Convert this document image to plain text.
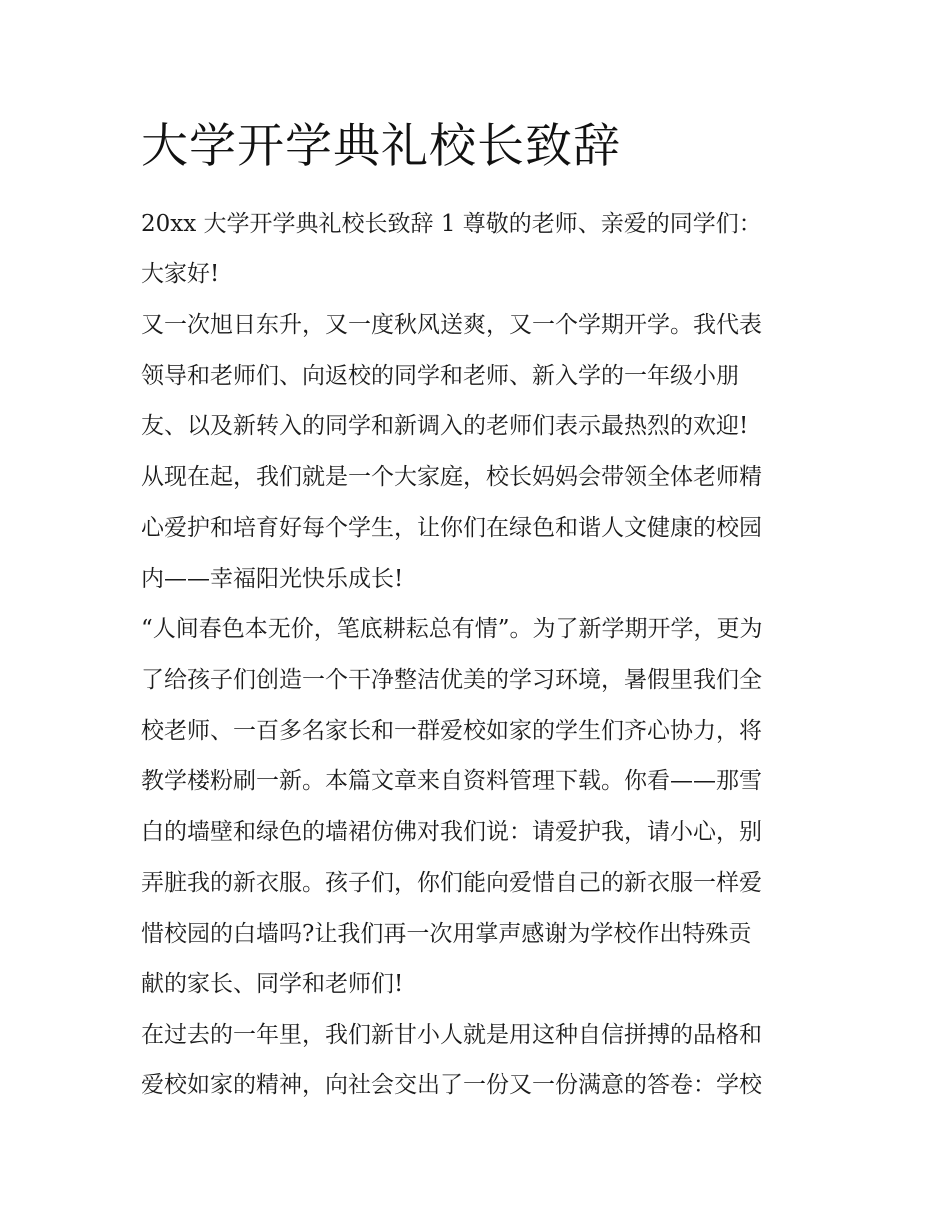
大学开学典礼校长致辞

20xx 大学开学典礼校长致辞 1 尊敬的老师、亲爱的同学们：

大家好!

又一次旭日东升，又一度秋风送爽，又一个学期开学。我代表

领导和老师们、向返校的同学和老师、新入学的一年级小朋

友、以及新转入的同学和新调入的老师们表示最热烈的欢迎!

从现在起，我们就是一个大家庭，校长妈妈会带领全体老师精

心爱护和培育好每个学生，让你们在绿色和谐人文健康的校园

内——幸福阳光快乐成长!

“人间春色本无价，笔底耕耘总有情”。为了新学期开学，更为

了给孩子们创造一个干净整洁优美的学习环境，暑假里我们全

校老师、一百多名家长和一群爱校如家的学生们齐心协力，将

教学楼粉刷一新。本篇文章来自资料管理下载。你看——那雪

白的墙壁和绿色的墙裙仿佛对我们说：请爱护我，请小心，别

弄脏我的新衣服。孩子们，你们能向爱惜自己的新衣服一样爱

惜校园的白墙吗?让我们再一次用掌声感谢为学校作出特殊贡

献的家长、同学和老师们!

在过去的一年里，我们新甘小人就是用这种自信拼搏的品格和

爱校如家的精神，向社会交出了一份又一份满意的答卷：学校
